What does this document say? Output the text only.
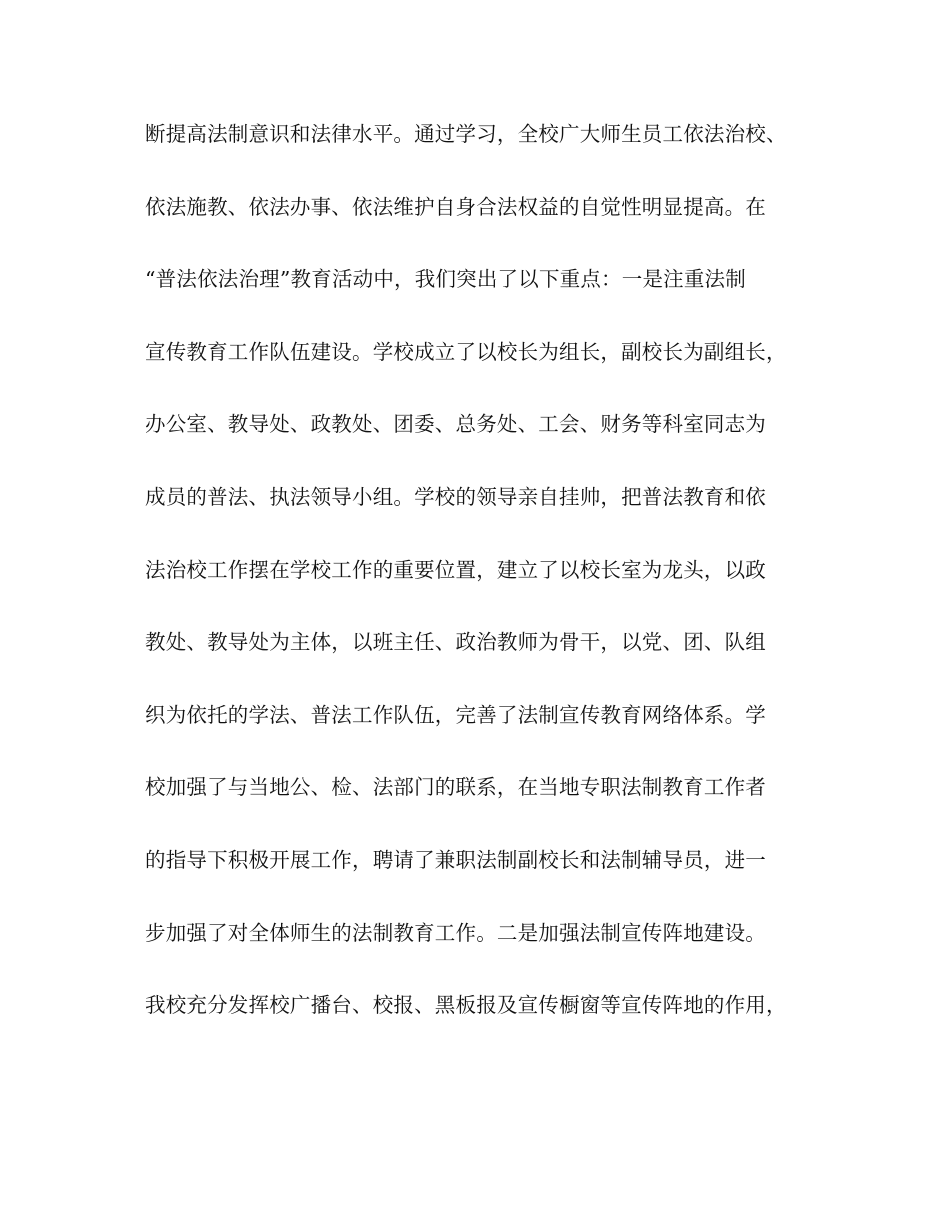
断提高法制意识和法律水平。通过学习，全校广大师生员工依法治校、
依法施教、依法办事、依法维护自身合法权益的自觉性明显提高。在
“普法依法治理”教育活动中，我们突出了以下重点：一是注重法制
宣传教育工作队伍建设。学校成立了以校长为组长，副校长为副组长，
办公室、教导处、政教处、团委、总务处、工会、财务等科室同志为
成员的普法、执法领导小组。学校的领导亲自挂帅，把普法教育和依
法治校工作摆在学校工作的重要位置，建立了以校长室为龙头，以政
教处、教导处为主体，以班主任、政治教师为骨干，以党、团、队组
织为依托的学法、普法工作队伍，完善了法制宣传教育网络体系。学
校加强了与当地公、检、法部门的联系，在当地专职法制教育工作者
的指导下积极开展工作，聘请了兼职法制副校长和法制辅导员，进一
步加强了对全体师生的法制教育工作。二是加强法制宣传阵地建设。
我校充分发挥校广播台、校报、黑板报及宣传橱窗等宣传阵地的作用，
